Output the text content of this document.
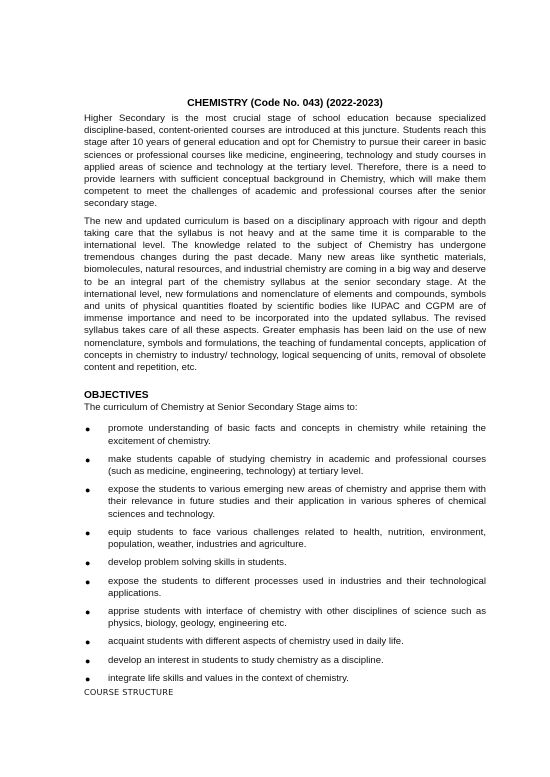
CHEMISTRY (Code No. 043) (2022-2023)

Higher Secondary is the most crucial stage of school education because specialized discipline-based, content-oriented courses are introduced at this juncture. Students reach this stage after 10 years of general education and opt for Chemistry to pursue their career in basic sciences or professional courses like medicine, engineering, technology and study courses in applied areas of science and technology at the tertiary level. Therefore, there is a need to provide learners with sufficient conceptual background in Chemistry, which will make them competent to meet the challenges of academic and professional courses after the senior secondary stage.

The new and updated curriculum is based on a disciplinary approach with rigour and depth taking care that the syllabus is not heavy and at the same time it is comparable to the international level. The knowledge related to the subject of Chemistry has undergone tremendous changes during the past decade. Many new areas like synthetic materials, biomolecules, natural resources, and industrial chemistry are coming in a big way and deserve to be an integral part of the chemistry syllabus at the senior secondary stage. At the international level, new formulations and nomenclature of elements and compounds, symbols and units of physical quantities floated by scientific bodies like IUPAC and CGPM are of immense importance and need to be incorporated into the updated syllabus. The revised syllabus takes care of all these aspects. Greater emphasis has been laid on the use of new nomenclature, symbols and formulations, the teaching of fundamental concepts, application of concepts in chemistry to industry/ technology, logical sequencing of units, removal of obsolete content and repetition, etc.

OBJECTIVES

The curriculum of Chemistry at Senior Secondary Stage aims to:

● promote understanding of basic facts and concepts in chemistry while retaining the excitement of chemistry.
● make students capable of studying chemistry in academic and professional courses (such as medicine, engineering, technology) at tertiary level.
● expose the students to various emerging new areas of chemistry and apprise them with their relevance in future studies and their application in various spheres of chemical sciences and technology.
● equip students to face various challenges related to health, nutrition, environment, population, weather, industries and agriculture.
● develop problem solving skills in students.
● expose the students to different processes used in industries and their technological applications.
● apprise students with interface of chemistry with other disciplines of science such as physics, biology, geology, engineering etc.
● acquaint students with different aspects of chemistry used in daily life.
● develop an interest in students to study chemistry as a discipline.
● integrate life skills and values in the context of chemistry.
COURSE STRUCTURE
